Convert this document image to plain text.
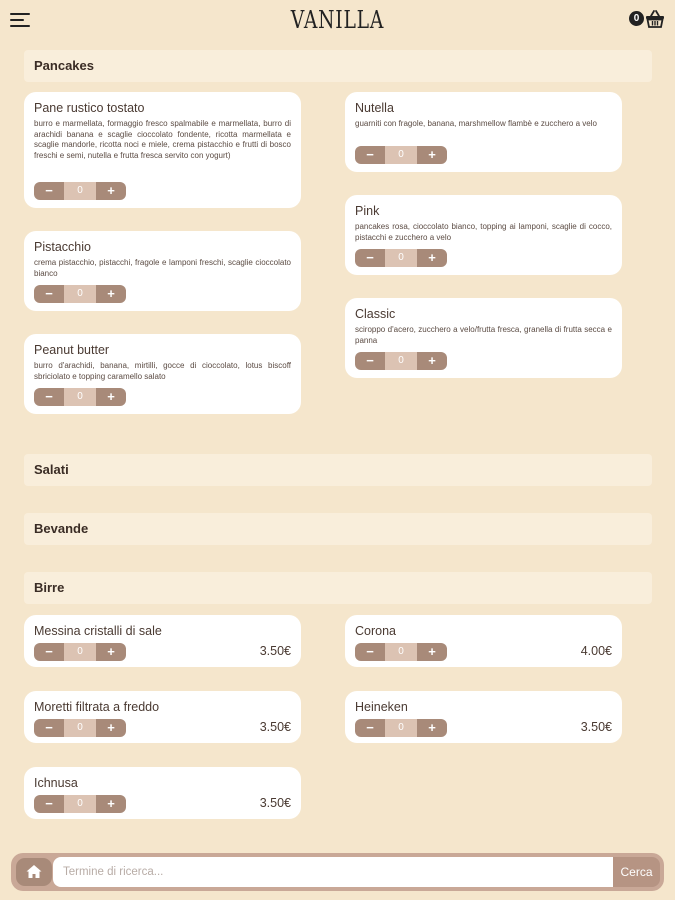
VANILLA	0
Pancakes
Pane rustico tostato
burro e marmellata, formaggio fresco spalmabile e marmellata, burro di arachidi banana e scaglie cioccolato fondente, ricotta marmellata e scaglie mandorle, ricotta noci e miele, crema pistacchio e frutti di bosco freschi e semi, nutella e frutta fresca servito con yogurt)
−	0	+
Nutella
guarniti con fragole, banana, marshmellow flambè e zucchero a velo
−	0	+
Pink
pancakes rosa, cioccolato bianco, topping ai lamponi, scaglie di cocco, pistacchi e zucchero a velo
−	0	+
Pistacchio
crema pistacchio, pistacchi, fragole e lamponi freschi, scaglie cioccolato bianco
−	0	+
Classic
sciroppo d'acero, zucchero a velo/frutta fresca, granella di frutta secca e panna
−	0	+
Peanut butter
burro d'arachidi, banana, mirtilli, gocce di cioccolato, lotus biscoff sbriciolato e topping caramello salato
−	0	+
Salati
Bevande
Birre
Messina cristalli di sale
−	0	+	3.50€
Corona
−	0	+	4.00€
Moretti filtrata a freddo
−	0	+	3.50€
Heineken
−	0	+	3.50€
Ichnusa
−	0	+	3.50€
Termine di ricerca...
Cerca
